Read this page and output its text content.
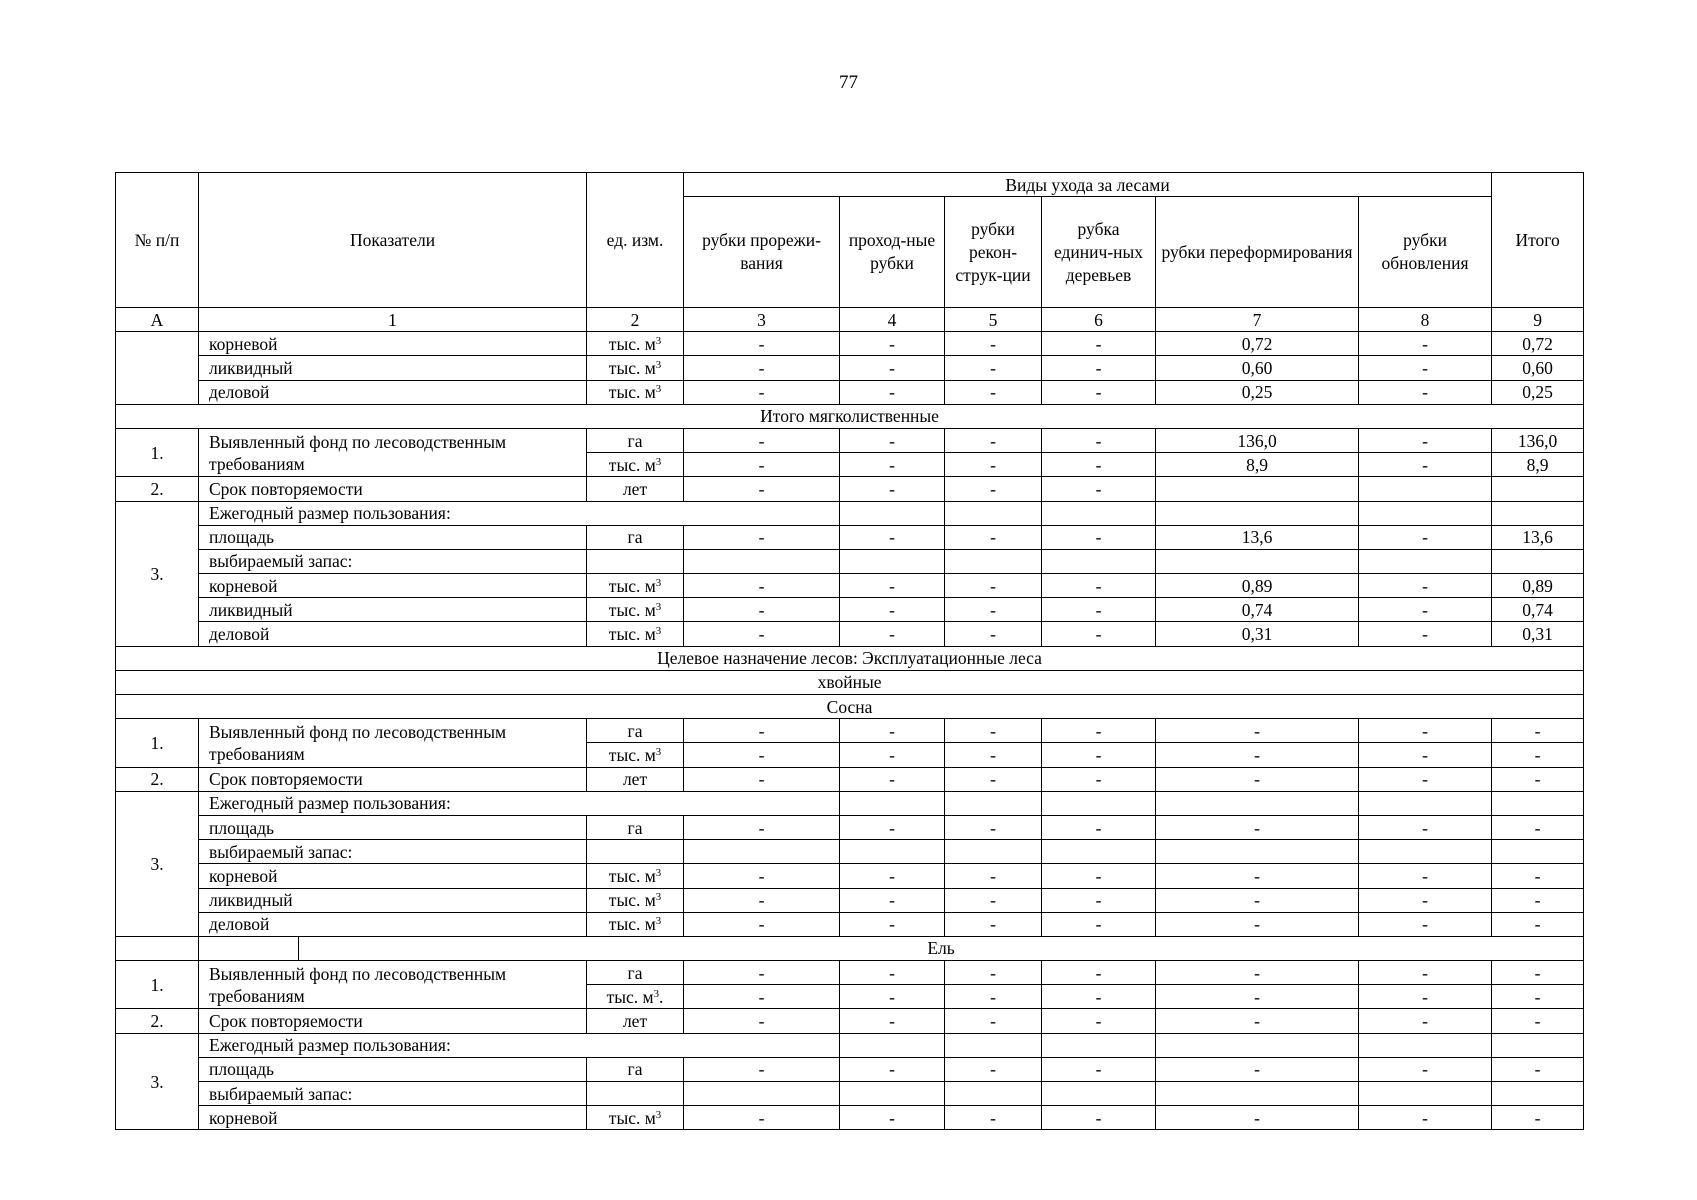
77
№ п/п	Показатели		ед. изм.	Виды ухода за лесами						Итого
				рубки прорежи-вания	проход-ные рубки	рубки рекон-струк-ции	рубка единич-ных деревьев	рубки переформирования	рубки обновления	
А	1		2	3	4	5	6	7	8	9
	корневой		тыс. $м^3$	-	-	-	-	0,72	-	0,72
	ликвидный		тыс. $м^3$	-	-	-	-	0,60	-	0,60
	деловой		тыс. $м^3$	-	-	-	-	0,25	-	0,25
Итого мягколиственные										
1.	Выявленный фонд по лесоводственным требованиям		га	-	-	-	-	136,0	-	136,0
			тыс. $м^3$	-	-	-	-	8,9	-	8,9
2.	Срок повторяемости		лет	-	-	-	-			
3.	Ежегодный размер пользования:									
	площадь		га	-	-	-	-	13,6	-	13,6
	выбираемый запас:									
	корневой		тыс. $м^3$	-	-	-	-	0,89	-	0,89
	ликвидный		тыс. $м^3$	-	-	-	-	0,74	-	0,74
	деловой		тыс. $м^3$	-	-	-	-	0,31	-	0,31
Целевое назначение лесов: Эксплуатационные леса										
хвойные										
Сосна										
1.	Выявленный фонд по лесоводственным требованиям		га	-	-	-	-	-	-	-
			тыс. $м^3$	-	-	-	-	-	-	-
2.	Срок повторяемости		лет	-	-	-	-	-	-	-
3.	Ежегодный размер пользования:									
	площадь		га	-	-	-	-	-	-	-
	выбираемый запас:									
	корневой		тыс. $м^3$	-	-	-	-	-	-	-
	ликвидный		тыс. $м^3$	-	-	-	-	-	-	-
	деловой		тыс. $м^3$	-	-	-	-	-	-	-
		Ель								
1.	Выявленный фонд по лесоводственным требованиям		га	-	-	-	-	-	-	-
			тыс. $м^3$.	-	-	-	-	-	-	-
2.	Срок повторяемости		лет	-	-	-	-	-	-	-
3.	Ежегодный размер пользования:									
	площадь		га	-	-	-	-	-	-	-
	выбираемый запас:									
	корневой		тыс. $м^3$	-	-	-	-	-	-	-
